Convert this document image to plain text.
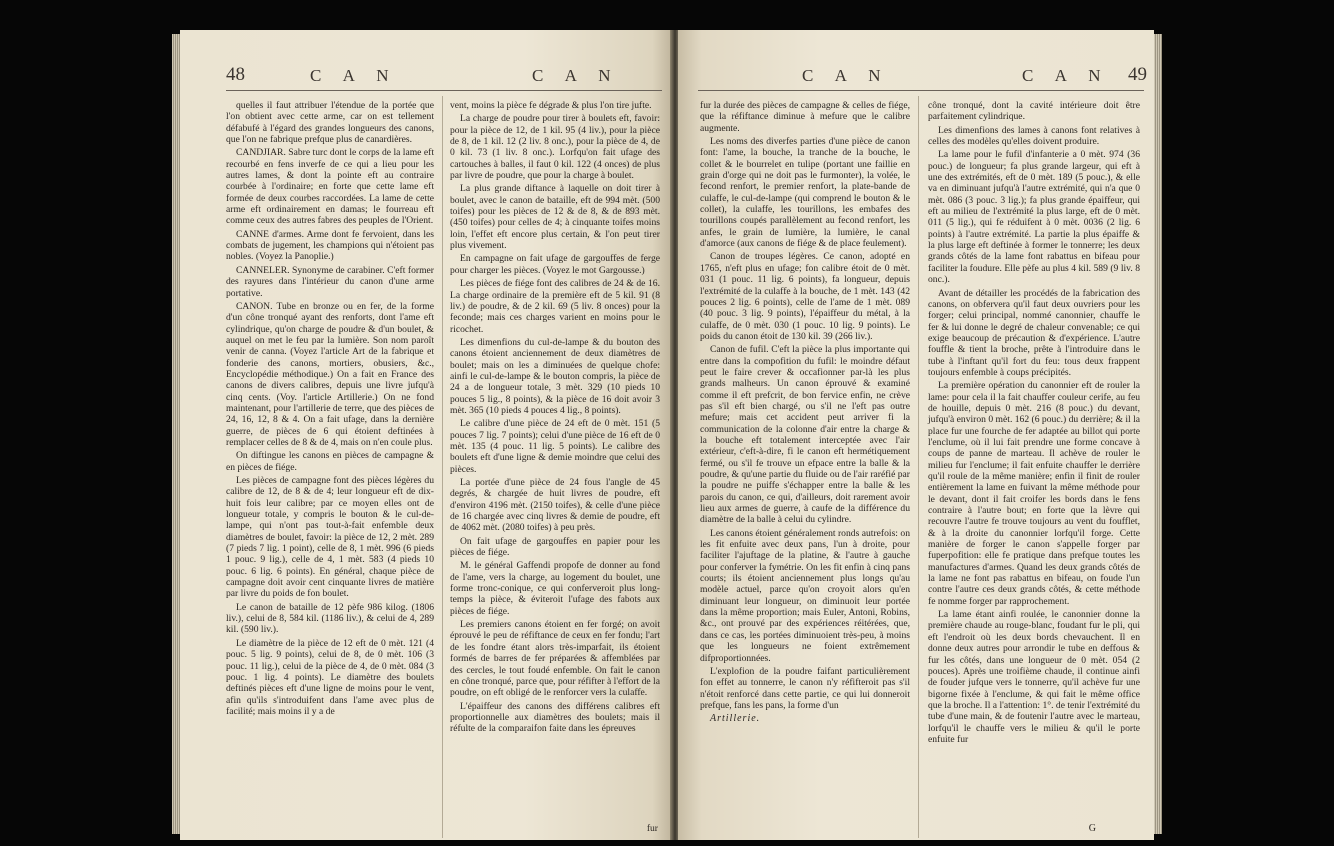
48	C A N	C A N

quelles il faut attribuer l'étendue de la portée que l'on obtient avec cette arme, car on est tellement défabufé à l'égard des grandes longueurs des canons, que l'on ne fabrique prefque plus de canardières.

CANDJIAR. Sabre turc dont le corps de la lame eft recourbé en fens inverfe de ce qui a lieu pour les autres lames, & dont la pointe eft au contraire courbée à l'ordinaire; en forte que cette lame eft formée de deux courbes raccordées. La lame de cette arme eft ordinairement en damas; le fourreau eft comme ceux des autres fabres des peuples de l'Orient.

CANNE d'armes. Arme dont fe fervoient, dans les combats de jugement, les champions qui n'étoient pas nobles. (Voyez la Panoplie.)

CANNELER. Synonyme de carabiner. C'eft former des rayures dans l'intérieur du canon d'une arme portative.

CANON. Tube en bronze ou en fer, de la forme d'un cône tronqué ayant des renforts, dont l'ame eft cylindrique, qu'on charge de poudre & d'un boulet, & auquel on met le feu par la lumière. Son nom paroît venir de canna. (Voyez l'article Art de la fabrique et fonderie des canons, mortiers, obusiers, &c., Encyclopédie méthodique.) On a fait en France des canons de divers calibres, depuis une livre jufqu'à cinq cents. (Voy. l'article Artillerie.) On ne fond maintenant, pour l'artillerie de terre, que des pièces de 24, 16, 12, 8 & 4. On a fait ufage, dans la dernière guerre, de pièces de 6 qui étoient deftinées à remplacer celles de 8 & de 4, mais on n'en coule plus.

On diftingue les canons en pièces de campagne & en pièces de fiége.

Les pièces de campagne font des pièces légères du calibre de 12, de 8 & de 4; leur longueur eft de dix-huit fois leur calibre; par ce moyen elles ont de longueur totale, y compris le bouton & le cul-de-lampe, qui n'ont pas tout-à-fait enfemble deux diamètres de boulet, favoir: la pièce de 12, 2 mèt. 289 (7 pieds 7 lig. 1 point), celle de 8, 1 mèt. 996 (6 pieds 1 pouc. 9 lig.), celle de 4, 1 mèt. 583 (4 pieds 10 pouc. 6 lig. 6 points). En général, chaque pièce de campagne doit avoir cent cinquante livres de matière par livre du poids de fon boulet.

Le canon de bataille de 12 pèfe 986 kilog. (1806 liv.), celui de 8, 584 kil. (1186 liv.), & celui de 4, 289 kil. (590 liv.).

Le diamètre de la pièce de 12 eft de 0 mèt. 121 (4 pouc. 5 lig. 9 points), celui de 8, de 0 mèt. 106 (3 pouc. 11 lig.), celui de la pièce de 4, de 0 mèt. 084 (3 pouc. 1 lig. 4 points). Le diamètre des boulets deftinés pièces eft d'une ligne de moins pour le vent, afin qu'ils s'introduifent dans l'ame avec plus de facilité; mais moins il y a de

vent, moins la pièce fe dégrade & plus l'on tire jufte.

La charge de poudre pour tirer à boulets eft, favoir: pour la pièce de 12, de 1 kil. 95 (4 liv.), pour la pièce de 8, de 1 kil. 12 (2 liv. 8 onc.), pour la pièce de 4, de 0 kil. 73 (1 liv. 8 onc.). Lorfqu'on fait ufage des cartouches à balles, il faut 0 kil. 122 (4 onces) de plus par livre de poudre, que pour la charge à boulet.

La plus grande diftance à laquelle on doit tirer à boulet, avec le canon de bataille, eft de 994 mèt. (500 toifes) pour les pièces de 12 & de 8, & de 893 mèt. (450 toifes) pour celles de 4; à cinquante toifes moins loin, l'effet eft encore plus certain, & l'on peut tirer plus vivement.

En campagne on fait ufage de gargouffes de ferge pour charger les pièces. (Voyez le mot Gargousse.)

Les pièces de fiége font des calibres de 24 & de 16. La charge ordinaire de la première eft de 5 kil. 91 (8 liv.) de poudre, & de 2 kil. 69 (5 liv. 8 onces) pour la feconde; mais ces charges varient en moins pour le ricochet.

Les dimenfions du cul-de-lampe & du bouton des canons étoient anciennement de deux diamètres de boulet; mais on les a diminuées de quelque chofe: ainfi le cul-de-lampe & le bouton compris, la pièce de 24 a de longueur totale, 3 mèt. 329 (10 pieds 10 pouces 5 lig., 8 points), & la pièce de 16 doit avoir 3 mèt. 365 (10 pieds 4 pouces 4 lig., 8 points).

Le calibre d'une pièce de 24 eft de 0 mèt. 151 (5 pouces 7 lig. 7 points); celui d'une pièce de 16 eft de 0 mèt. 135 (4 pouc. 11 lig. 5 points). Le calibre des boulets eft d'une ligne & demie moindre que celui des pièces.

La portée d'une pièce de 24 fous l'angle de 45 degrés, & chargée de huit livres de poudre, eft d'environ 4196 mèt. (2150 toifes), & celle d'une pièce de 16 chargée avec cinq livres & demie de poudre, eft de 4062 mèt. (2080 toifes) à peu près.

On fait ufage de gargouffes en papier pour les pièces de fiége.

M. le général Gaffendi propofe de donner au fond de l'ame, vers la charge, au logement du boulet, une forme tronc-conique, ce qui conferveroit plus long-temps la pièce, & éviteroit l'ufage des fabots aux pièces de fiége.

Les premiers canons étoient en fer forgé; on avoit éprouvé le peu de réfiftance de ceux en fer fondu; l'art de les fondre étant alors très-imparfait, ils étoient formés de barres de fer préparées & affemblées par des cercles, le tout foudé enfemble. On fait le canon en cône tronqué, parce que, pour réfifter à l'effort de la poudre, on eft obligé de le renforcer vers la culaffe.

L'épaiffeur des canons des différens calibres eft proportionnelle aux diamètres des boulets; mais il réfulte de la comparaifon faite dans les épreuves

fur
C A N	C A N 49

fur la durée des pièces de campagne & celles de fiége, que la réfiftance diminue à mefure que le calibre augmente.

Les noms des diverfes parties d'une pièce de canon font: l'ame, la bouche, la tranche de la bouche, le collet & le bourrelet en tulipe (portant une faillie en grain d'orge qui ne doit pas le furmonter), la volée, le fecond renfort, le premier renfort, la plate-bande de culaffe, le cul-de-lampe (qui comprend le bouton & le collet), la culaffe, les tourillons, les embafes des tourillons coupés parallèlement au fecond renfort, les anfes, le grain de lumière, la lumière, le canal d'amorce (aux canons de fiége & de place feulement).

Canon de troupes légères. Ce canon, adopté en 1765, n'eft plus en ufage; fon calibre étoit de 0 mèt. 031 (1 pouc. 11 lig. 6 points), fa longueur, depuis l'extrémité de la culaffe à la bouche, de 1 mèt. 143 (42 pouces 2 lig. 6 points), celle de l'ame de 1 mèt. 089 (40 pouc. 3 lig. 9 points), l'épaiffeur du métal, à la culaffe, de 0 mèt. 030 (1 pouc. 10 lig. 9 points). Le poids du canon étoit de 130 kil. 39 (266 liv.).

Canon de fufil. C'eft la pièce la plus importante qui entre dans la compofition du fufil: le moindre défaut peut le faire crever & occafionner par-là les plus grands malheurs. Un canon éprouvé & examiné comme il eft prefcrit, de bon fervice enfin, ne crève pas s'il eft bien chargé, ou s'il ne l'eft pas outre mefure; mais cet accident peut arriver fi la communication de la colonne d'air entre la charge & la bouche eft totalement interceptée avec l'air extérieur, c'eft-à-dire, fi le canon eft hermétiquement fermé, ou s'il fe trouve un efpace entre la balle & la poudre, & qu'une partie du fluide ou de l'air raréfié par la poudre ne puiffe s'échapper entre la balle & les parois du canon, ce qui, d'ailleurs, doit rarement avoir lieu aux armes de guerre, à caufe de la différence du diamètre de la balle à celui du cylindre.

Les canons étoient généralement ronds autrefois: on les fit enfuite avec deux pans, l'un à droite, pour faciliter l'ajuftage de la platine, & l'autre à gauche pour conferver la fymétrie. On les fit enfin à cinq pans courts; ils étoient anciennement plus longs qu'au modèle actuel, parce qu'on croyoit alors qu'en diminuant leur longueur, on diminuoit leur portée dans la même proportion; mais Euler, Antoni, Robins, &c., ont prouvé par des expériences réitérées, que, dans ce cas, les portées diminuoient très-peu, à moins que les longueurs ne foient extrêmement difproportionnées.

L'explofion de la poudre faifant particulièrement fon effet au tonnerre, le canon n'y réfifteroit pas s'il n'étoit renforcé dans cette partie, ce qui lui donneroit prefque, fans les pans, la forme d'un

Artillerie.

cône tronqué, dont la cavité intérieure doit être parfaitement cylindrique.

Les dimenfions des lames à canons font relatives à celles des modèles qu'elles doivent produire.

La lame pour le fufil d'infanterie a 0 mèt. 974 (36 pouc.) de longueur; fa plus grande largeur, qui eft à une des extrémités, eft de 0 mèt. 189 (5 pouc.), & elle va en diminuant jufqu'à l'autre extrémité, qui n'a que 0 mèt. 086 (3 pouc. 3 lig.); fa plus grande épaiffeur, qui eft au milieu de l'extrémité la plus large, eft de 0 mèt. 011 (5 lig.), qui fe réduifent à 0 mèt. 0036 (2 lig. 6 points) à l'autre extrémité. La partie la plus épaiffe & la plus large eft deftinée à former le tonnerre; les deux grands côtés de la lame font rabattus en bifeau pour faciliter la foudure. Elle pèfe au plus 4 kil. 589 (9 liv. 8 onc.).

Avant de détailler les procédés de la fabrication des canons, on obfervera qu'il faut deux ouvriers pour les forger; celui principal, nommé canonnier, chauffe le fer & lui donne le degré de chaleur convenable; ce qui exige beaucoup de précaution & d'expérience. L'autre fouffle & tient la broche, prête à l'introduire dans le tube à l'inftant qu'il fort du feu: tous deux frappent toujours enfemble à coups précipités.

La première opération du canonnier eft de rouler la lame: pour cela il la fait chauffer couleur cerife, au feu de houille, depuis 0 mèt. 216 (8 pouc.) du devant, jufqu'à environ 0 mèt. 162 (6 pouc.) du derrière; & il la place fur une fourche de fer adaptée au billot qui porte l'enclume, où il lui fait prendre une forme concave à coups de panne de marteau. Il achève de rouler le milieu fur l'enclume; il fait enfuite chauffer le derrière qu'il roule de la même manière; enfin il finit de rouler entièrement la lame en fuivant la même méthode pour le devant, dont il fait croifer les bords dans le fens contraire à l'autre bout; en forte que la lèvre qui recouvre l'autre fe trouve toujours au vent du foufflet, & à la droite du canonnier lorfqu'il forge. Cette manière de forger le canon s'appelle forger par fuperpofition: elle fe pratique dans prefque toutes les manufactures d'armes. Quand les deux grands côtés de la lame ne font pas rabattus en bifeau, on foude l'un contre l'autre ces deux grands côtés, & cette méthode fe nomme forger par rapprochement.

La lame étant ainfi roulée, le canonnier donne la première chaude au rouge-blanc, foudant fur le pli, qui eft l'endroit où les deux bords chevauchent. Il en donne deux autres pour arrondir le tube en deffous & fur les côtés, dans une longueur de 0 mèt. 054 (2 pouces). Après une troifième chaude, il continue ainfi de fouder jufque vers le tonnerre, qu'il achève fur une bigorne fixée à l'enclume, & qui fait le même office que la broche. Il a l'attention: 1°. de tenir l'extrémité du tube d'une main, & de foutenir l'autre avec le marteau, lorfqu'il le chauffe vers le milieu & qu'il le porte enfuite fur

G
